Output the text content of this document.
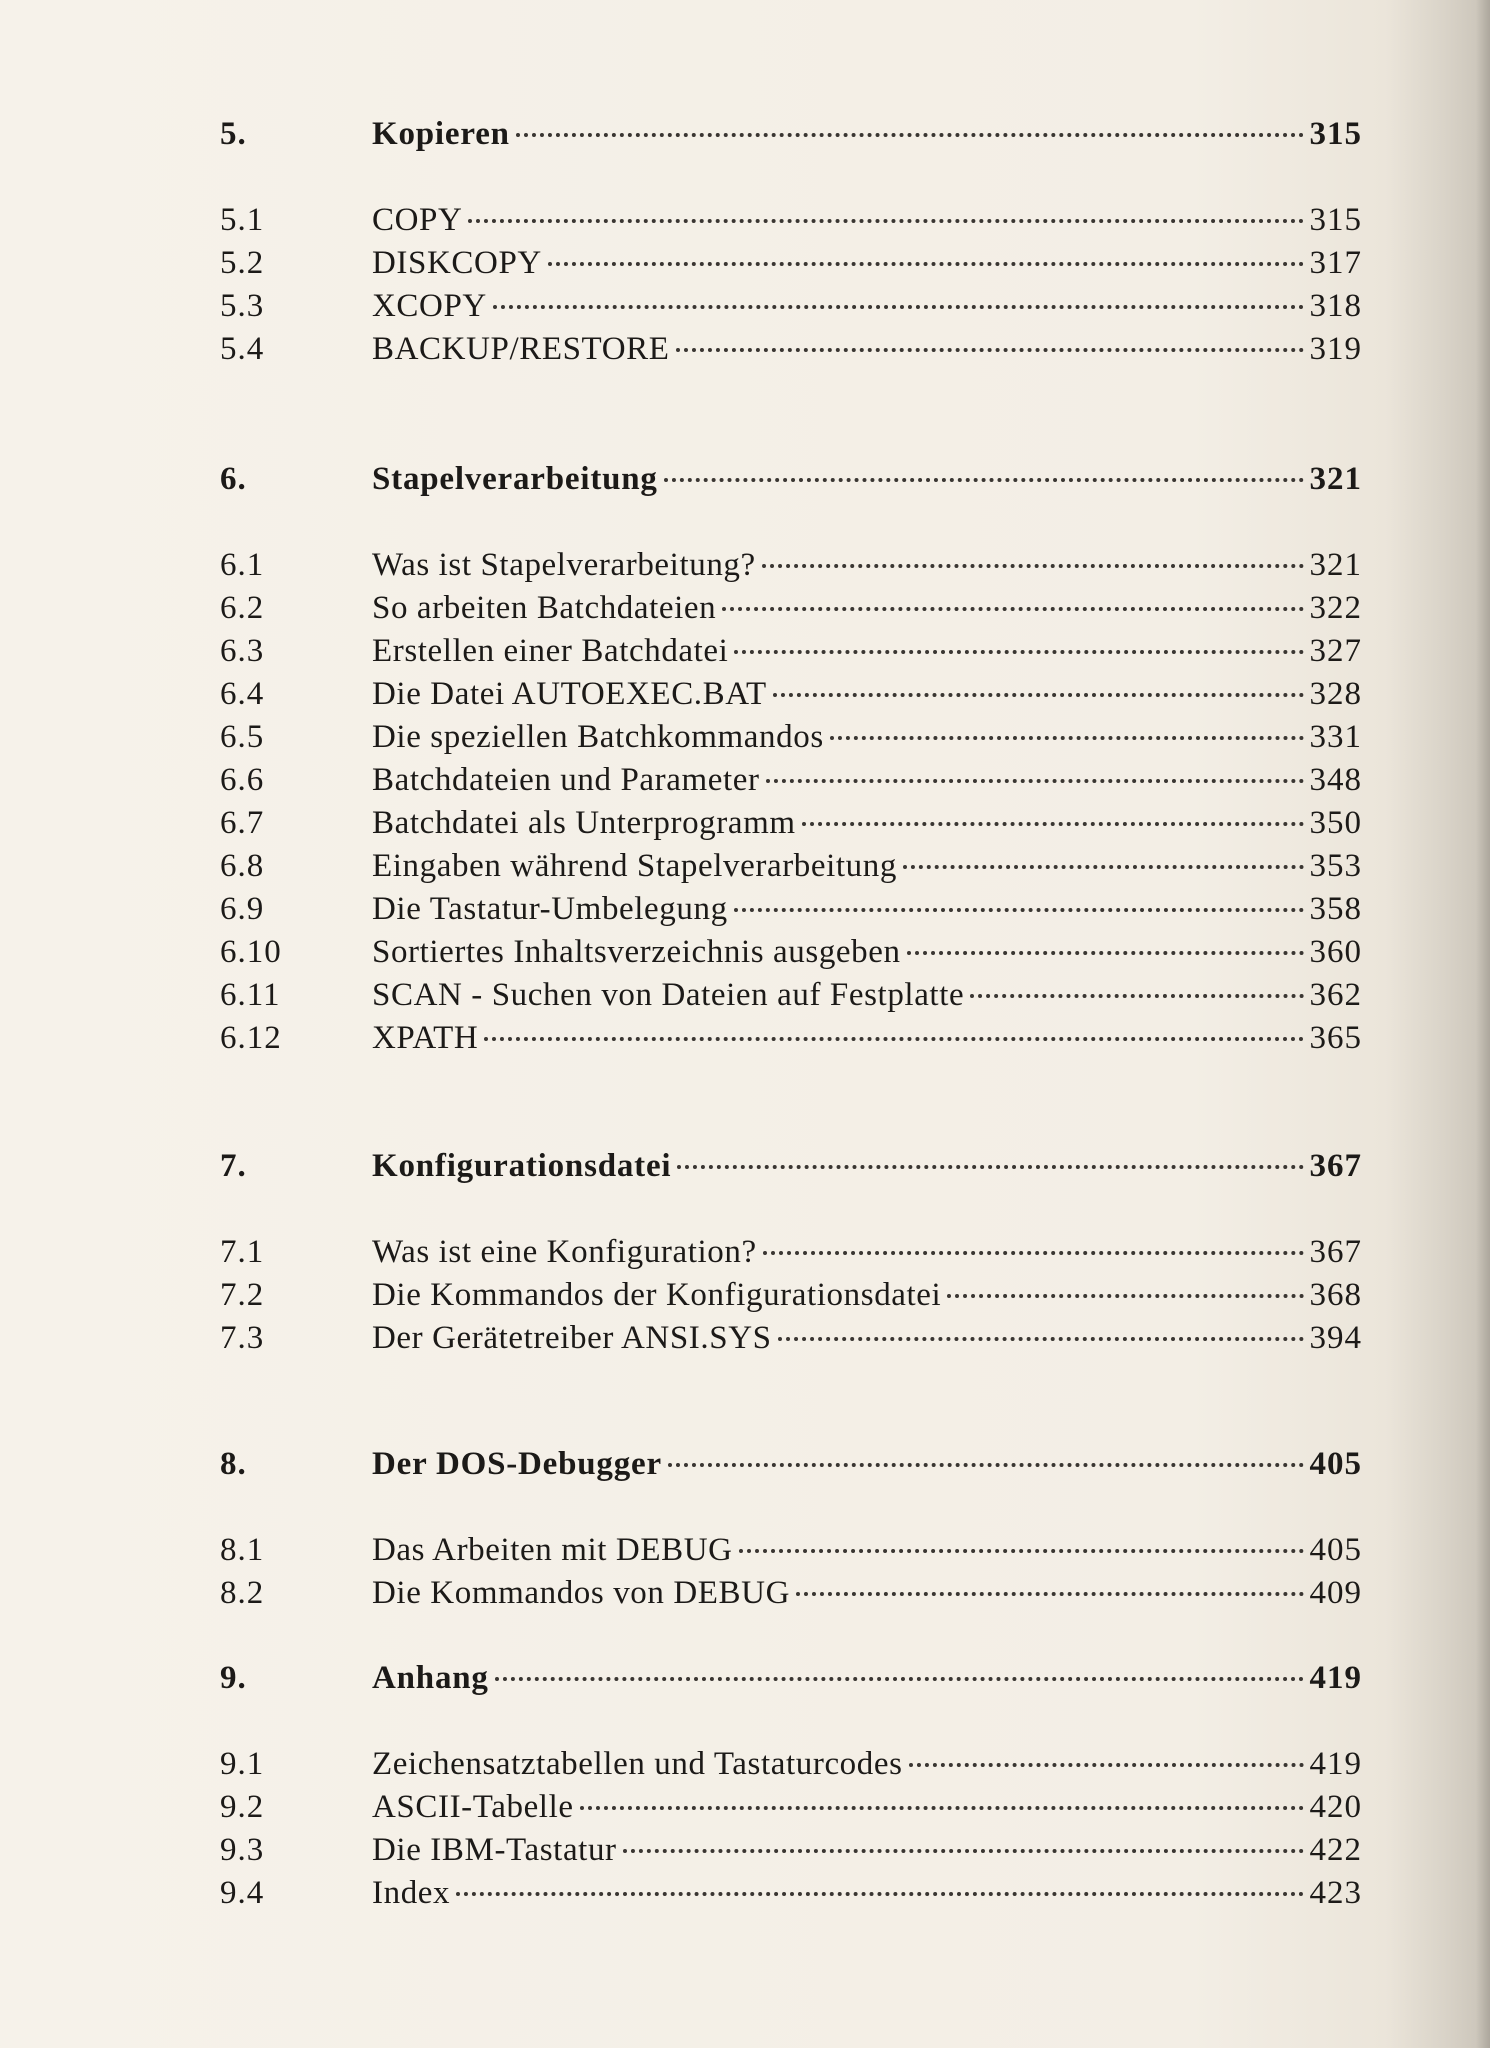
5.	Kopieren	315
5.1	COPY	315
5.2	DISKCOPY	317
5.3	XCOPY	318
5.4	BACKUP/RESTORE	319
6.	Stapelverarbeitung	321
6.1	Was ist Stapelverarbeitung?	321
6.2	So arbeiten Batchdateien	322
6.3	Erstellen einer Batchdatei	327
6.4	Die Datei AUTOEXEC.BAT	328
6.5	Die speziellen Batchkommandos	331
6.6	Batchdateien und Parameter	348
6.7	Batchdatei als Unterprogramm	350
6.8	Eingaben während Stapelverarbeitung	353
6.9	Die Tastatur-Umbelegung	358
6.10	Sortiertes Inhaltsverzeichnis ausgeben	360
6.11	SCAN - Suchen von Dateien auf Festplatte	362
6.12	XPATH	365
7.	Konfigurationsdatei	367
7.1	Was ist eine Konfiguration?	367
7.2	Die Kommandos der Konfigurationsdatei	368
7.3	Der Gerätetreiber ANSI.SYS	394
8.	Der DOS-Debugger	405
8.1	Das Arbeiten mit DEBUG	405
8.2	Die Kommandos von DEBUG	409
9.	Anhang	419
9.1	Zeichensatztabellen und Tastaturcodes	419
9.2	ASCII-Tabelle	420
9.3	Die IBM-Tastatur	422
9.4	Index	423
